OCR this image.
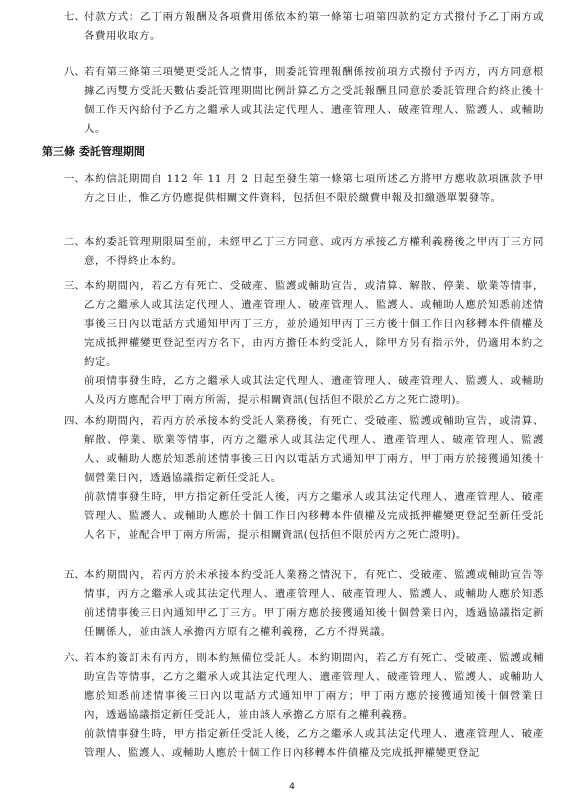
七、 付款方式：乙丁兩方報酬及各項費用係依本約第一條第七項第四款約定方式撥付予乙丁兩方或各費用收取方。

八、 若有第三條第三項變更受託人之情事，則委託管理報酬係按前項方式撥付予丙方，丙方同意根據乙丙雙方受託天數佔委託管理期間比例計算乙方之受託報酬且同意於委託管理合約終止後十個工作天內給付予乙方之繼承人或其法定代理人、遺產管理人、破產管理人、監護人、或輔助人。

第三條 委託管理期間
一、 本約信託期間自 112 年 11 月 2 日起至發生第一條第七項所述乙方將甲方應收款項匯款予甲方之日止，惟乙方仍應提供相關文件資料，包括但不限於繳費申報及扣繳憑單製發等。

二、 本約委託管理期限屆至前，未經甲乙丁三方同意、或丙方承接乙方權利義務後之甲丙丁三方同意，不得終止本約。

三、 本約期間內，若乙方有死亡、受破產、監護或輔助宣告，或清算、解散、停業、歇業等情事，乙方之繼承人或其法定代理人、遺產管理人、破產管理人、監護人、或輔助人應於知悉前述情事後三日內以電話方式通知甲丙丁三方，並於通知甲丙丁三方後十個工作日內移轉本件債權及完成抵押權變更登記至丙方名下，由丙方擔任本約受託人，除甲方另有指示外，仍適用本約之約定。

前項情事發生時，乙方之繼承人或其法定代理人、遺產管理人、破產管理人、監護人、或輔助人及丙方應配合甲丁兩方所需，提示相關資訊(包括但不限於乙方之死亡證明)。

四、 本約期間內，若丙方於承接本約受託人業務後，有死亡、受破產、監護或輔助宣告，或清算、解散、停業、歇業等情事，丙方之繼承人或其法定代理人、遺產管理人、破產管理人、監護人、或輔助人應於知悉前述情事後三日內以電話方式通知甲丁兩方，甲丁兩方於接獲通知後十個營業日內，透過協議指定新任受託人。

前款情事發生時，甲方指定新任受託人後，丙方之繼承人或其法定代理人、遺產管理人、破產管理人、監護人、或輔助人應於十個工作日內移轉本件債權及完成抵押權變更登記至新任受託人名下，並配合甲丁兩方所需，提示相關資訊(包括但不限於丙方之死亡證明)。

五、 本約期間內，若丙方於未承接本約受託人業務之情況下，有死亡、受破產、監護或輔助宣告等情事，丙方之繼承人或其法定代理人、遺產管理人、破產管理人、監護人、或輔助人應於知悉前述情事後三日內通知甲乙丁三方。甲丁兩方應於接獲通知後十個營業日內，透過協議指定新任關係人，並由該人承擔丙方原有之權利義務，乙方不得異議。

六、 若本約簽訂未有丙方，則本約無備位受託人。本約期間內，若乙方有死亡、受破產、監護或輔助宣告等情事，乙方之繼承人或其法定代理人、遺產管理人、破產管理人、監護人、或輔助人應於知悉前述情事後三日內以電話方式通知甲丁兩方；甲丁兩方應於接獲通知後十個營業日內，透過協議指定新任受託人，並由該人承擔乙方原有之權利義務。

前款情事發生時，甲方指定新任受託人後，乙方之繼承人或其法定代理人、遺產管理人、破產管理人、監護人、或輔助人應於十個工作日內移轉本件債權及完成抵押權變更登記

4
